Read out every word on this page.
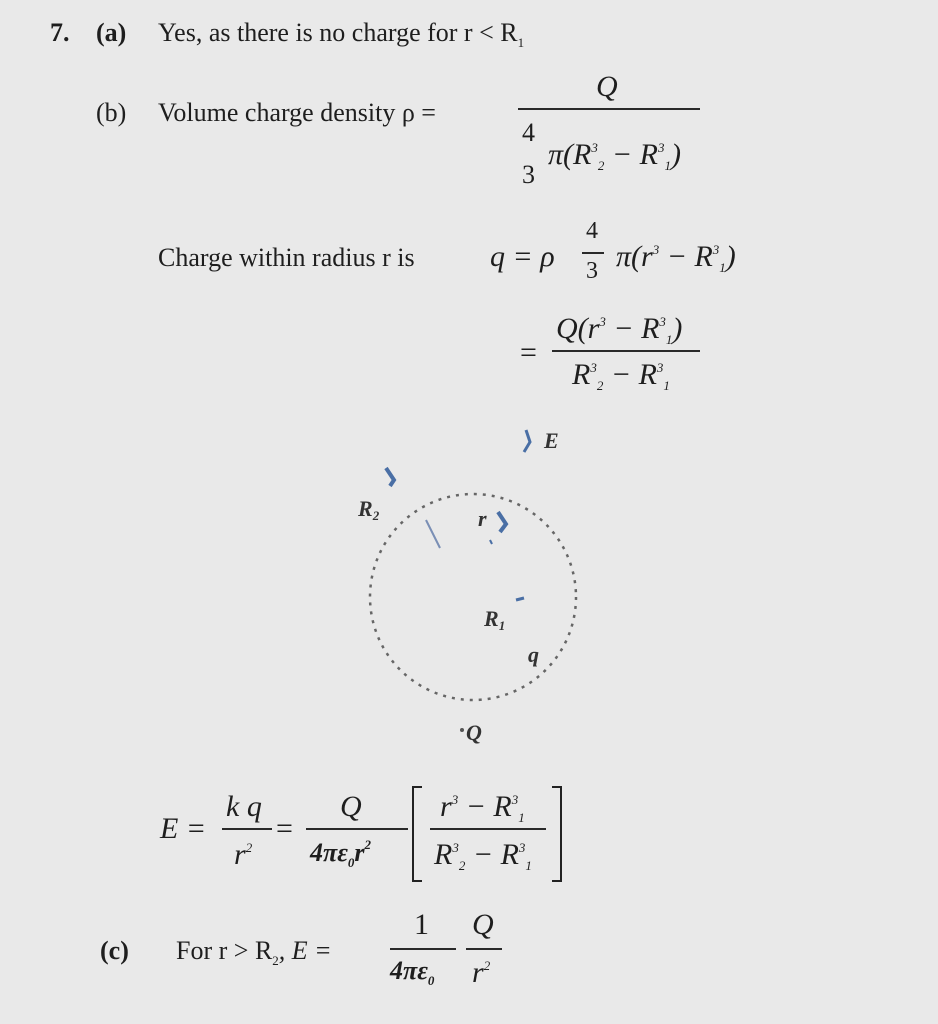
7. (a) Yes, as there is no charge for $r < R_1$
(b) Volume charge density ρ =
Q
4
3
$\pi(R^3_2 - R^3_1)$
Charge within radius r is	q = ρ
4
3 $\pi(r^3 - R^3_1)$
=
$Q(r^3 - R^3_1)$
$R^3_2 - R^3_1$
E
R2	r
R1
q
Q
E =
k q
$r^2$
=
Q
$4\pi\varepsilon_0r^2$
$r^3 - R^3_1$
$R^3_2 - R^3_1$
(c) For $r > R_2$, E =
1
$4\pi\varepsilon_0$
Q
$r^2$
